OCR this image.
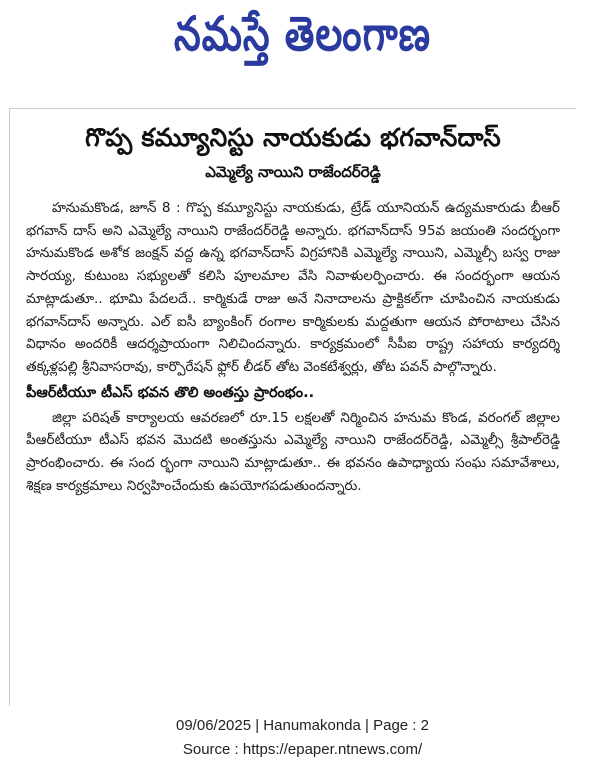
నమస్తే తెలంగాణ
గొప్ప కమ్యూనిస్టు నాయకుడు భగవాన్‌దాస్
ఎమ్మెల్యే నాయిని రాజేందర్‌రెడ్డి

హనుమకొండ, జూన్ 8 : గొప్ప కమ్యూనిస్టు నాయకుడు, ట్రేడ్ యూనియన్ ఉద్యమకారుడు బీఆర్ భగవాన్ దాస్ అని ఎమ్మెల్యే నాయిని రాజేందర్‌రెడ్డి అన్నారు. భగవాన్‌దాస్ 95వ జయంతి సందర్భంగా హనుమకొండ అశోక జంక్షన్ వద్ద ఉన్న భగవాన్‌దాస్ విగ్రహానికి ఎమ్మెల్యే నాయిని, ఎమ్మెల్సీ బస్వ రాజు సారయ్య, కుటుంబ సభ్యులతో కలిసి పూలమాల వేసి నివాళులర్పించారు. ఈ సందర్భంగా ఆయన మాట్లాడుతూ.. భూమి పేదలదే.. కార్మికుడే రాజు అనే నినాదాలను ప్రాక్టికల్‌గా చూపించిన నాయకుడు భగవాన్‌దాస్ అన్నారు. ఎల్ ఐసీ బ్యాంకింగ్ రంగాల కార్మికులకు మద్దతుగా ఆయన పోరాటాలు చేసిన విధానం అందరికీ ఆదర్శప్రాయంగా నిలిచిందన్నారు. కార్యక్రమంలో సీపీఐ రాష్ట్ర సహాయ కార్యదర్శి తక్కళ్లపల్లి శ్రీనివాసరావు, కార్పొరేషన్ ఫ్లోర్ లీడర్ తోట వెంకటేశ్వర్లు, తోట పవన్ పాల్గొన్నారు.

పీఆర్‌టీయూ టీఎస్ భవన తొలి అంతస్తు ప్రారంభం..

జిల్లా పరిషత్ కార్యాలయ ఆవరణలో రూ.15 లక్షలతో నిర్మించిన హనుమ కొండ, వరంగల్ జిల్లాల పీఆర్‌టీయూ టీఎస్ భవన మొదటి అంతస్తును ఎమ్మెల్యే నాయిని రాజేందర్‌రెడ్డి, ఎమ్మెల్సీ శ్రీపాల్‌రెడ్డి ప్రారంభించారు. ఈ సంద ర్భంగా నాయిని మాట్లాడుతూ.. ఈ భవనం ఉపాధ్యాయ సంఘ సమావేశాలు, శిక్షణ కార్యక్రమాలు నిర్వహించేందుకు ఉపయోగపడుతుందన్నారు.

09/06/2025 | Hanumakonda | Page : 2
Source : https://epaper.ntnews.com/
